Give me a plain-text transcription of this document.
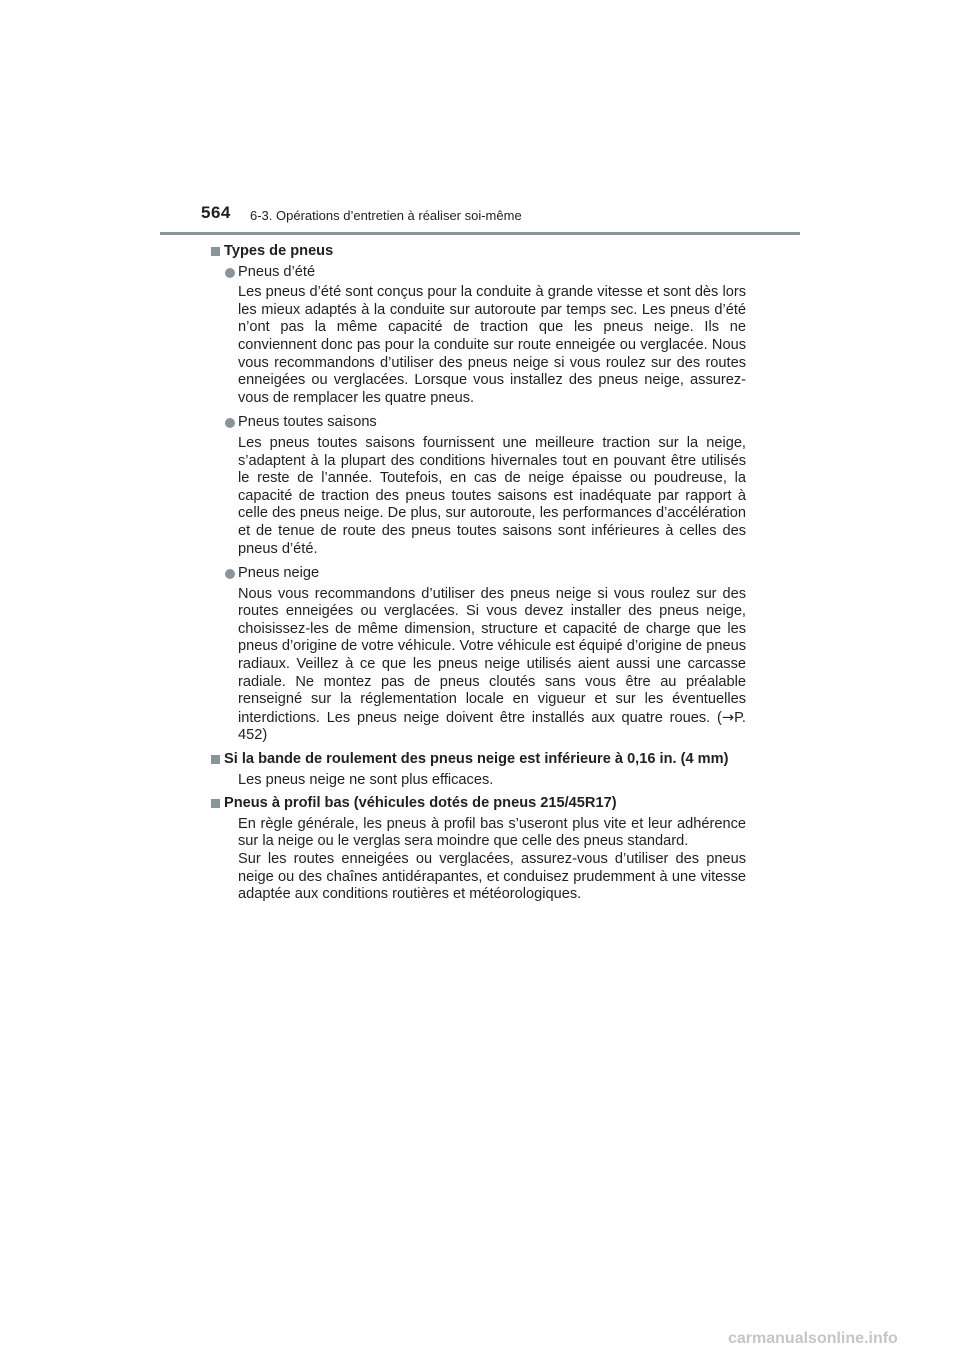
564 6-3. Opérations d’entretien à réaliser soi-même
Types de pneus
Pneus d’été

Les pneus d’été sont conçus pour la conduite à grande vitesse et sont dès lors les mieux adaptés à la conduite sur autoroute par temps sec. Les pneus d’été n’ont pas la même capacité de traction que les pneus neige. Ils ne conviennent donc pas pour la conduite sur route enneigée ou verglacée. Nous vous recommandons d’utiliser des pneus neige si vous roulez sur des routes enneigées ou verglacées. Lorsque vous installez des pneus neige, assurez-vous de remplacer les quatre pneus.

Pneus toutes saisons

Les pneus toutes saisons fournissent une meilleure traction sur la neige, s’adaptent à la plupart des conditions hivernales tout en pouvant être utilisés le reste de l’année. Toutefois, en cas de neige épaisse ou poudreuse, la capacité de traction des pneus toutes saisons est inadéquate par rapport à celle des pneus neige. De plus, sur autoroute, les performances d’accélération et de tenue de route des pneus toutes saisons sont inférieures à celles des pneus d’été.

Pneus neige

Nous vous recommandons d’utiliser des pneus neige si vous roulez sur des routes enneigées ou verglacées. Si vous devez installer des pneus neige, choisissez-les de même dimension, structure et capacité de charge que les pneus d’origine de votre véhicule. Votre véhicule est équipé d’origine de pneus radiaux. Veillez à ce que les pneus neige utilisés aient aussi une carcasse radiale. Ne montez pas de pneus cloutés sans vous être au préalable renseigné sur la réglementation locale en vigueur et sur les éventuelles interdictions. Les pneus neige doivent être installés aux quatre roues. (→P. 452)

Si la bande de roulement des pneus neige est inférieure à 0,16 in. (4 mm)

Les pneus neige ne sont plus efficaces.

Pneus à profil bas (véhicules dotés de pneus 215/45R17)

En règle générale, les pneus à profil bas s’useront plus vite et leur adhérence sur la neige ou le verglas sera moindre que celle des pneus standard.

Sur les routes enneigées ou verglacées, assurez-vous d’utiliser des pneus neige ou des chaînes antidérapantes, et conduisez prudemment à une vitesse adaptée aux conditions routières et météorologiques.

carmanualsonline.info
